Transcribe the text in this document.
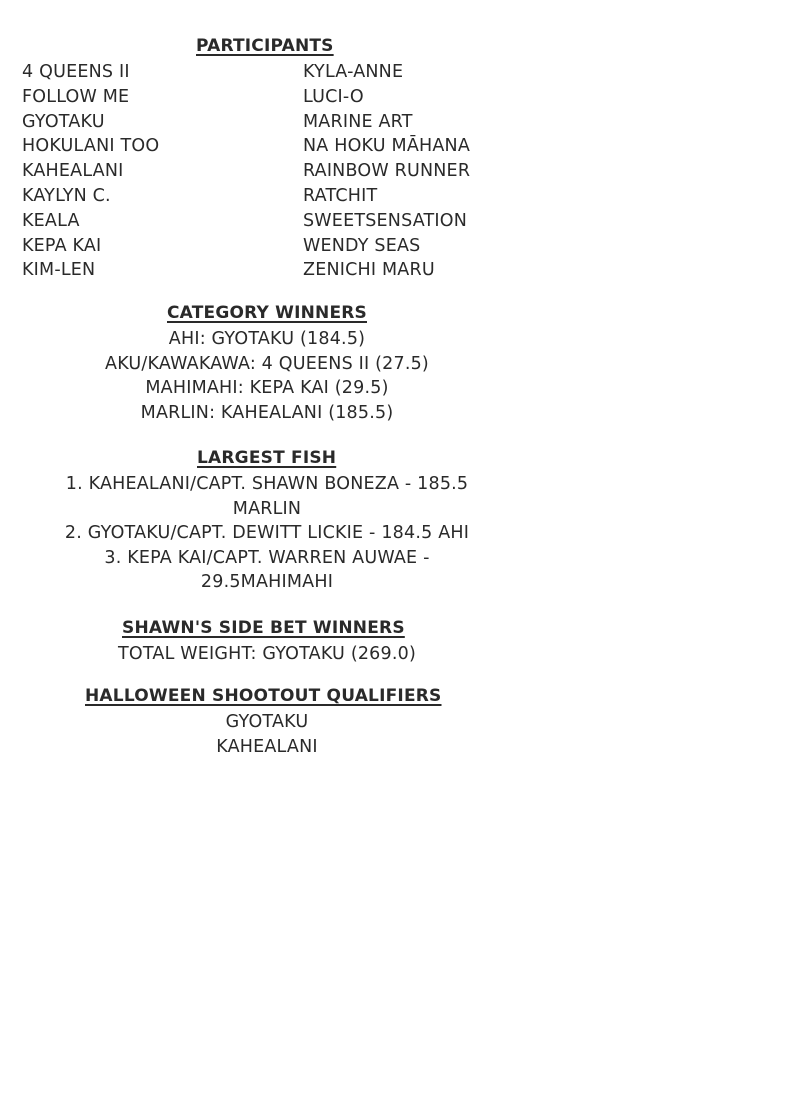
PARTICIPANTS
4 QUEENS II
FOLLOW ME
GYOTAKU
HOKULANI TOO
KAHEALANI
KAYLYN C.
KEALA
KEPA KAI
KIM-LEN
KYLA-ANNE
LUCI-O
MARINE ART
NA HOKU MĀHANA
RAINBOW RUNNER
RATCHIT
SWEETSENSATION
WENDY SEAS
ZENICHI MARU
CATEGORY WINNERS
AHI: GYOTAKU (184.5)
AKU/KAWAKAWA: 4 QUEENS II (27.5)
MAHIMAHI: KEPA KAI (29.5)
MARLIN: KAHEALANI (185.5)
LARGEST FISH
1. KAHEALANI/CAPT. SHAWN BONEZA - 185.5
MARLIN
2. GYOTAKU/CAPT. DEWITT LICKIE - 184.5 AHI
3. KEPA KAI/CAPT. WARREN AUWAE -
29.5MAHIMAHI
SHAWN'S SIDE BET WINNERS
TOTAL WEIGHT: GYOTAKU (269.0)
HALLOWEEN SHOOTOUT QUALIFIERS
GYOTAKU
KAHEALANI
